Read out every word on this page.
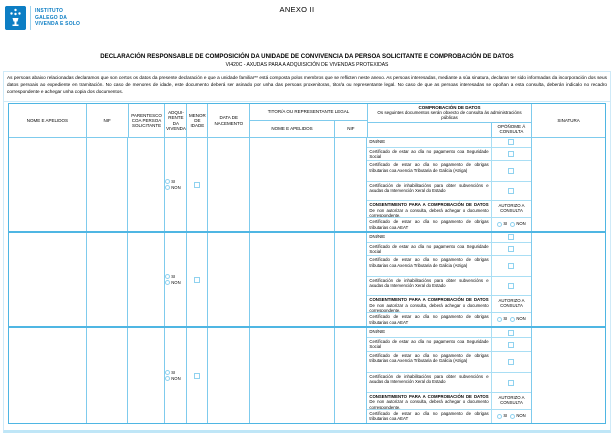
INSTITUTO
GALEGO DA
VIVENDA E SOLO
ANEXO II
DECLARACIÓN RESPONSABLE DE COMPOSICIÓN DA UNIDADE DE CONVIVENCIA DA PERSOA SOLICITANTE E COMPROBACIÓN DE DATOS
VI420C - AXUDAS PARA A ADQUISICIÓN DE VIVENDAS PROTEXIDAS
As persoas abaixo relacionadas declaramos que son certos os datos da presente declaración e que a unidade familiar** está composta polos membros que se reflicten neste anexo. As persoas interesadas, mediante a súa sinatura, declaran ter sido informadas da incorporación dos seus datos persoais ao expediente en tramitación. No caso de menores de idade, este documento deberá ser asinado por unha das persoas proxenitoras, titor/a ou representante legal. No caso de que as persoas interesadas se opoñan a esta consulta, deberán indicalo no recadro correspondente e achegar unha copia dos documentos.
NOME E APELIDOS	NIF
PARENTESCO COA PERSOA SOLICITANTE
ADQUI- RENTE DA VIVENDA
MENOR DE IDADE
DATA DE NACEMENTO
TITOR/A OU REPRESENTANTE LEGAL
NOME E APELIDOS	NIF
COMPROBACIÓN DE DATOS
Os seguintes documentos serán obxecto de consulta ás administracións públicas
OPÓÑOME Á CONSULTA
SINATURA
SI
NON
DNI/NIE
Certificado de estar ao día no pagamento coa Seguridade Social
Certificado de estar ao día no pagamento de obrigas tributarias coa Axencia Tributaria de Galicia (Atriga)
Certificación de inhabilitacións para obter subvencións e axudas da Intervención Xeral do Estado
CONSENTIMENTO PARA A COMPROBACIÓN DE DATOS De non autorizar a consulta, deberá achegar o documento correspondente.
AUTORIZO A CONSULTA
Certificado de estar ao día no pagamento de obrigas tributarias coa AEAT
SI NON
SI
NON
DNI/NIE
Certificado de estar ao día no pagamento coa Seguridade Social
Certificado de estar ao día no pagamento de obrigas tributarias coa Axencia Tributaria de Galicia (Atriga)
Certificación de inhabilitacións para obter subvencións e axudas da Intervención Xeral do Estado
CONSENTIMENTO PARA A COMPROBACIÓN DE DATOS De non autorizar a consulta, deberá achegar o documento correspondente.
AUTORIZO A CONSULTA
Certificado de estar ao día no pagamento de obrigas tributarias coa AEAT
SI NON
SI
NON
DNI/NIE
Certificado de estar ao día no pagamento coa Seguridade Social
Certificado de estar ao día no pagamento de obrigas tributarias coa Axencia Tributaria de Galicia (Atriga)
Certificación de inhabilitacións para obter subvencións e axudas da Intervención Xeral do Estado
CONSENTIMENTO PARA A COMPROBACIÓN DE DATOS De non autorizar a consulta, deberá achegar o documento correspondente.
AUTORIZO A CONSULTA
Certificado de estar ao día no pagamento de obrigas tributarias coa AEAT
SI NON
